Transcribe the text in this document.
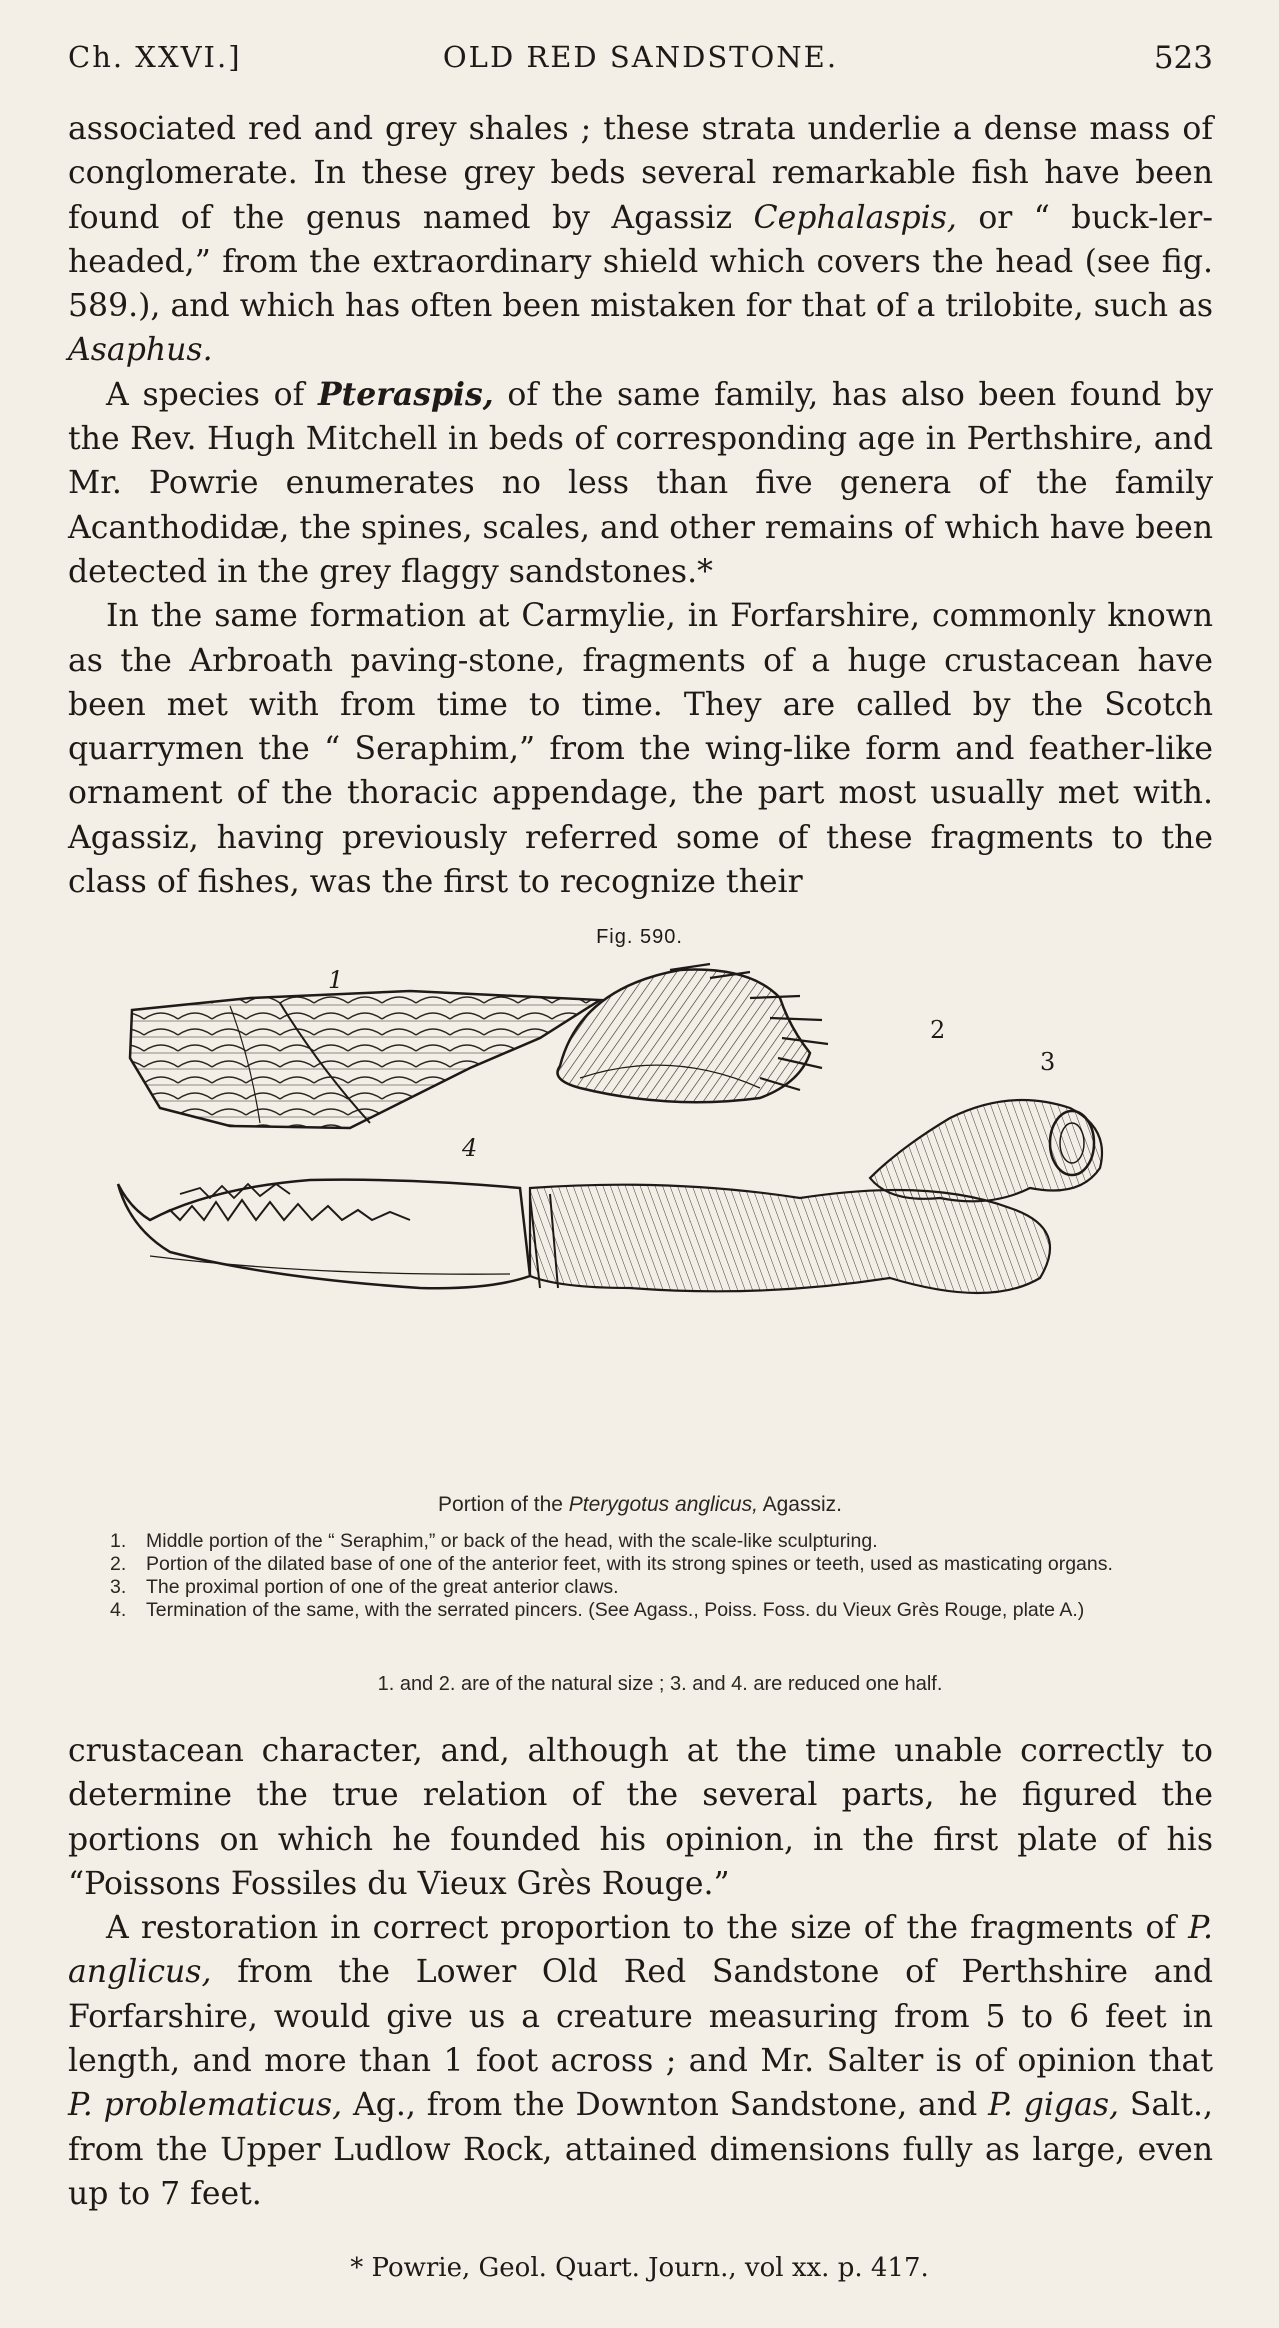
Ch. XXVI.]	OLD RED SANDSTONE.	523

associated red and grey shales ; these strata underlie a dense mass of conglomerate. In these grey beds several remarkable fish have been found of the genus named by Agassiz Cephalaspis, or “ buck-ler-headed,” from the extraordinary shield which covers the head (see fig. 589.), and which has often been mistaken for that of a trilobite, such as Asaphus.

A species of Pteraspis, of the same family, has also been found by the Rev. Hugh Mitchell in beds of corresponding age in Perthshire, and Mr. Powrie enumerates no less than five genera of the family Acanthodidæ, the spines, scales, and other remains of which have been detected in the grey flaggy sandstones.*

In the same formation at Carmylie, in Forfarshire, commonly known as the Arbroath paving-stone, fragments of a huge crustacean have been met with from time to time. They are called by the Scotch quarrymen the “ Seraphim,” from the wing-like form and feather-like ornament of the thoracic appendage, the part most usually met with. Agassiz, having previously referred some of these fragments to the class of fishes, was the first to recognize their

Fig. 590.
1
2
3
4
Portion of the Pterygotus anglicus, Agassiz.
1. Middle portion of the “ Seraphim,” or back of the head, with the scale-like sculpturing.
2. Portion of the dilated base of one of the anterior feet, with its strong spines or teeth, used as masticating organs.
3. The proximal portion of one of the great anterior claws.
4. Termination of the same, with the serrated pincers. (See Agass., Poiss. Foss. du Vieux Grès Rouge, plate A.)
1. and 2. are of the natural size ; 3. and 4. are reduced one half.

crustacean character, and, although at the time unable correctly to determine the true relation of the several parts, he figured the portions on which he founded his opinion, in the first plate of his “Poissons Fossiles du Vieux Grès Rouge.”

A restoration in correct proportion to the size of the fragments of P. anglicus, from the Lower Old Red Sandstone of Perthshire and Forfarshire, would give us a creature measuring from 5 to 6 feet in length, and more than 1 foot across ; and Mr. Salter is of opinion that P. problematicus, Ag., from the Downton Sandstone, and P. gigas, Salt., from the Upper Ludlow Rock, attained dimensions fully as large, even up to 7 feet.

* Powrie, Geol. Quart. Journ., vol xx. p. 417.
